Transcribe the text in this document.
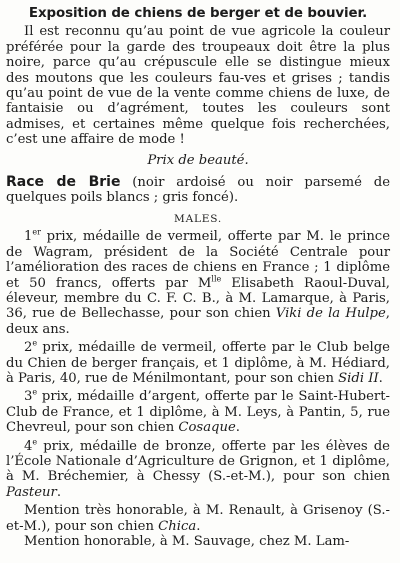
Exposition de chiens de berger et de bouvier.

Il est reconnu qu’au point de vue agricole la couleur préférée pour la garde des troupeaux doit être la plus noire, parce qu’au crépuscule elle se distingue mieux des moutons que les couleurs fau-ves et grises ; tandis qu’au point de vue de la vente comme chiens de luxe, de fantaisie ou d’agrément, toutes les couleurs sont admises, et certaines même quelque fois recherchées, c’est une affaire de mode !

Prix de beauté.

Race de Brie (noir ardoisé ou noir parsemé de quelques poils blancs ; gris foncé).

MALES.

1er prix, médaille de vermeil, offerte par M. le prince de Wagram, président de la Société Centrale pour l’amélioration des races de chiens en France ; 1 diplôme et 50 francs, offerts par $M^{lle}$ Elisabeth Raoul-Duval, éleveur, membre du C. F. C. B., à M. Lamarque, à Paris, 36, rue de Bellechasse, pour son chien Viki de la Hulpe, deux ans.

2e prix, médaille de vermeil, offerte par le Club belge du Chien de berger français, et 1 diplôme, à M. Hédiard, à Paris, 40, rue de Ménilmontant, pour son chien Sidi II.

3e prix, médaille d’argent, offerte par le Saint-Hubert-Club de France, et 1 diplôme, à M. Leys, à Pantin, 5, rue Chevreul, pour son chien Cosaque.

4e prix, médaille de bronze, offerte par les élèves de l’École Nationale d’Agriculture de Grignon, et 1 diplôme, à M. Bréchemier, à Chessy (S.-et-M.), pour son chien Pasteur.

Mention très honorable, à M. Renault, à Grisenoy (S.-et-M.), pour son chien Chica.

Mention honorable, à M. Sauvage, chez M. Lam-
